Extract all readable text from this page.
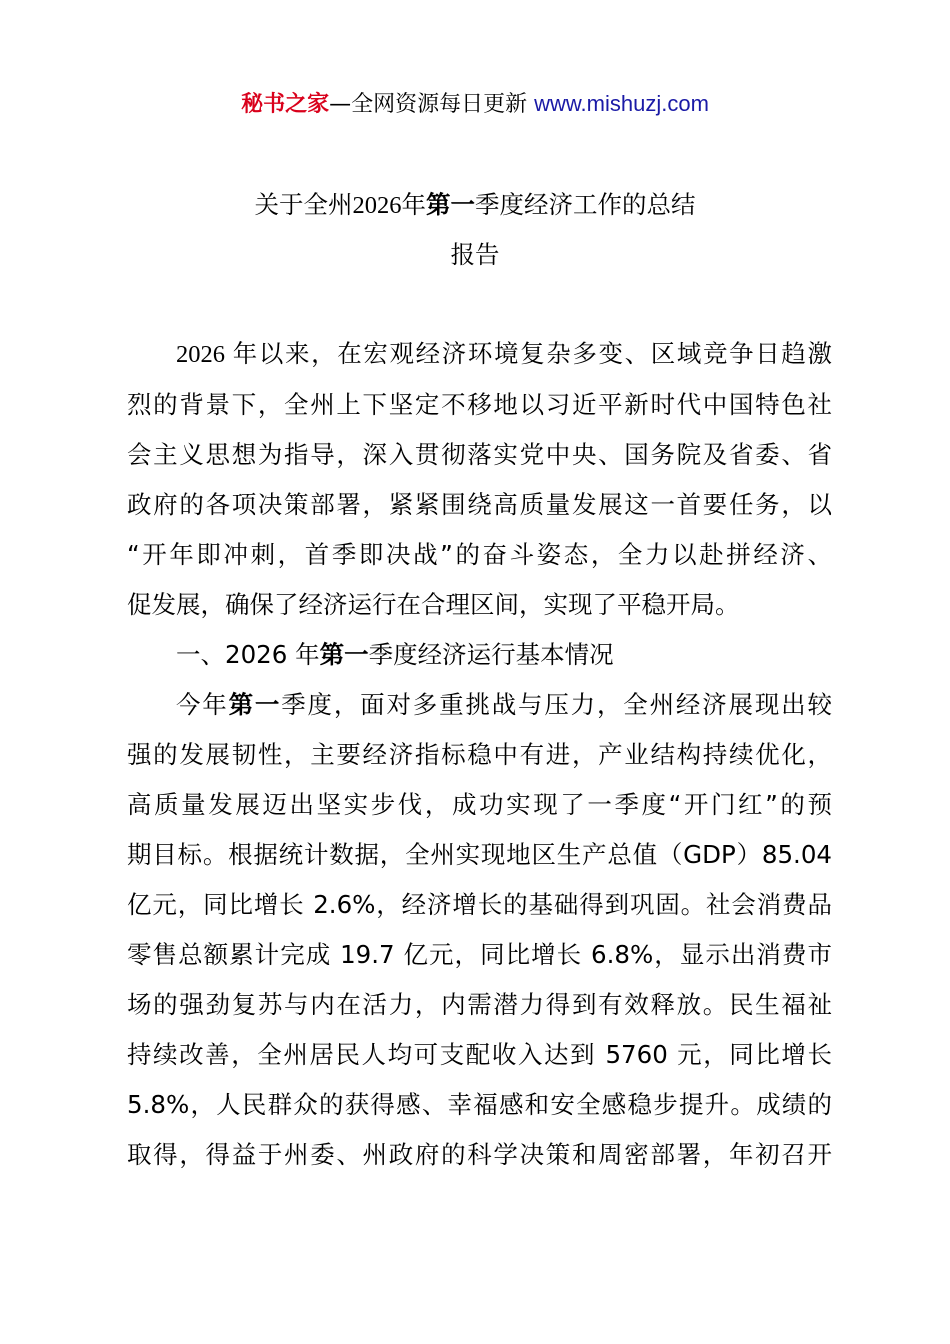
秘书之家—全网资源每日更新 www.mishuzj.com
关于全州2026年第一季度经济工作的总结
报告
2026 年以来，在宏观经济环境复杂多变、区域竞争日趋激
烈的背景下，全州上下坚定不移地以习近平新时代中国特色社
会主义思想为指导，深入贯彻落实党中央、国务院及省委、省
政府的各项决策部署，紧紧围绕高质量发展这一首要任务，以
“开年即冲刺，首季即决战”的奋斗姿态，全力以赴拼经济、
促发展，确保了经济运行在合理区间，实现了平稳开局。
一、2026 年第一季度经济运行基本情况
今年第一季度，面对多重挑战与压力，全州经济展现出较
强的发展韧性，主要经济指标稳中有进，产业结构持续优化，
高质量发展迈出坚实步伐，成功实现了一季度“开门红”的预
期目标。根据统计数据，全州实现地区生产总值（GDP）85.04
亿元，同比增长 2.6%，经济增长的基础得到巩固。社会消费品
零售总额累计完成 19.7 亿元，同比增长 6.8%，显示出消费市
场的强劲复苏与内在活力，内需潜力得到有效释放。民生福祉
持续改善，全州居民人均可支配收入达到 5760 元，同比增长
5.8%，人民群众的获得感、幸福感和安全感稳步提升。成绩的
取得，得益于州委、州政府的科学决策和周密部署，年初召开
